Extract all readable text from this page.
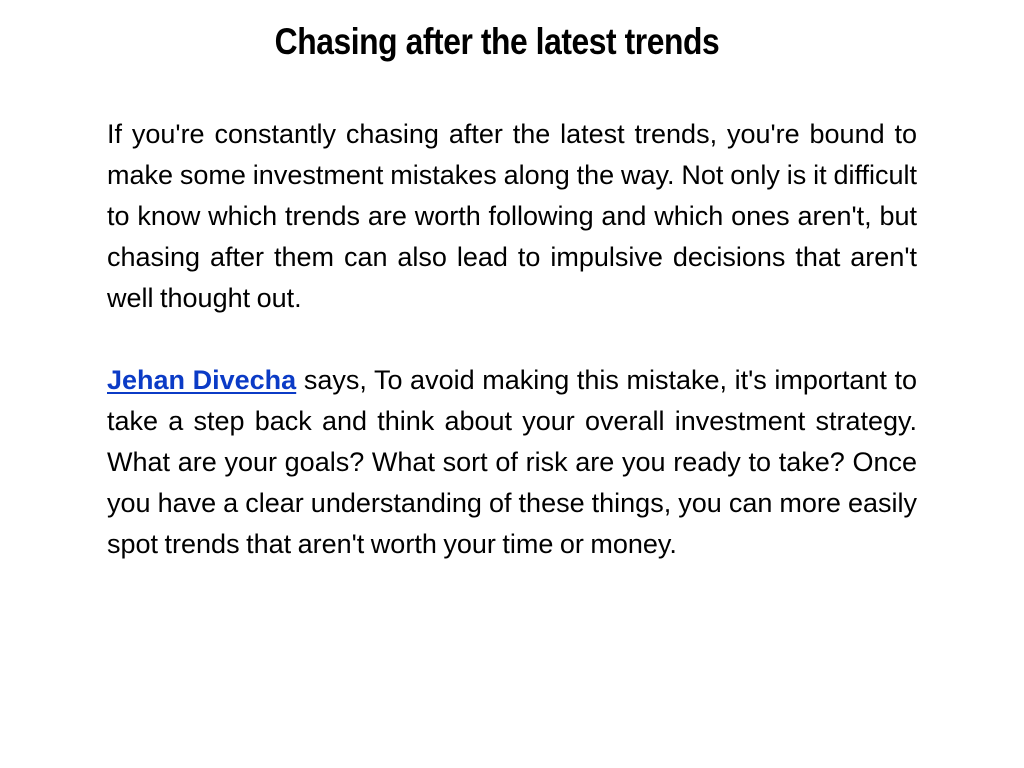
Chasing after the latest trends

If you're constantly chasing after the latest trends, you're bound to make some investment mistakes along the way. Not only is it difficult to know which trends are worth following and which ones aren't, but chasing after them can also lead to impulsive decisions that aren't well thought out.

Jehan Divecha says, To avoid making this mistake, it's important to take a step back and think about your overall investment strategy. What are your goals? What sort of risk are you ready to take? Once you have a clear understanding of these things, you can more easily spot trends that aren't worth your time or money.
